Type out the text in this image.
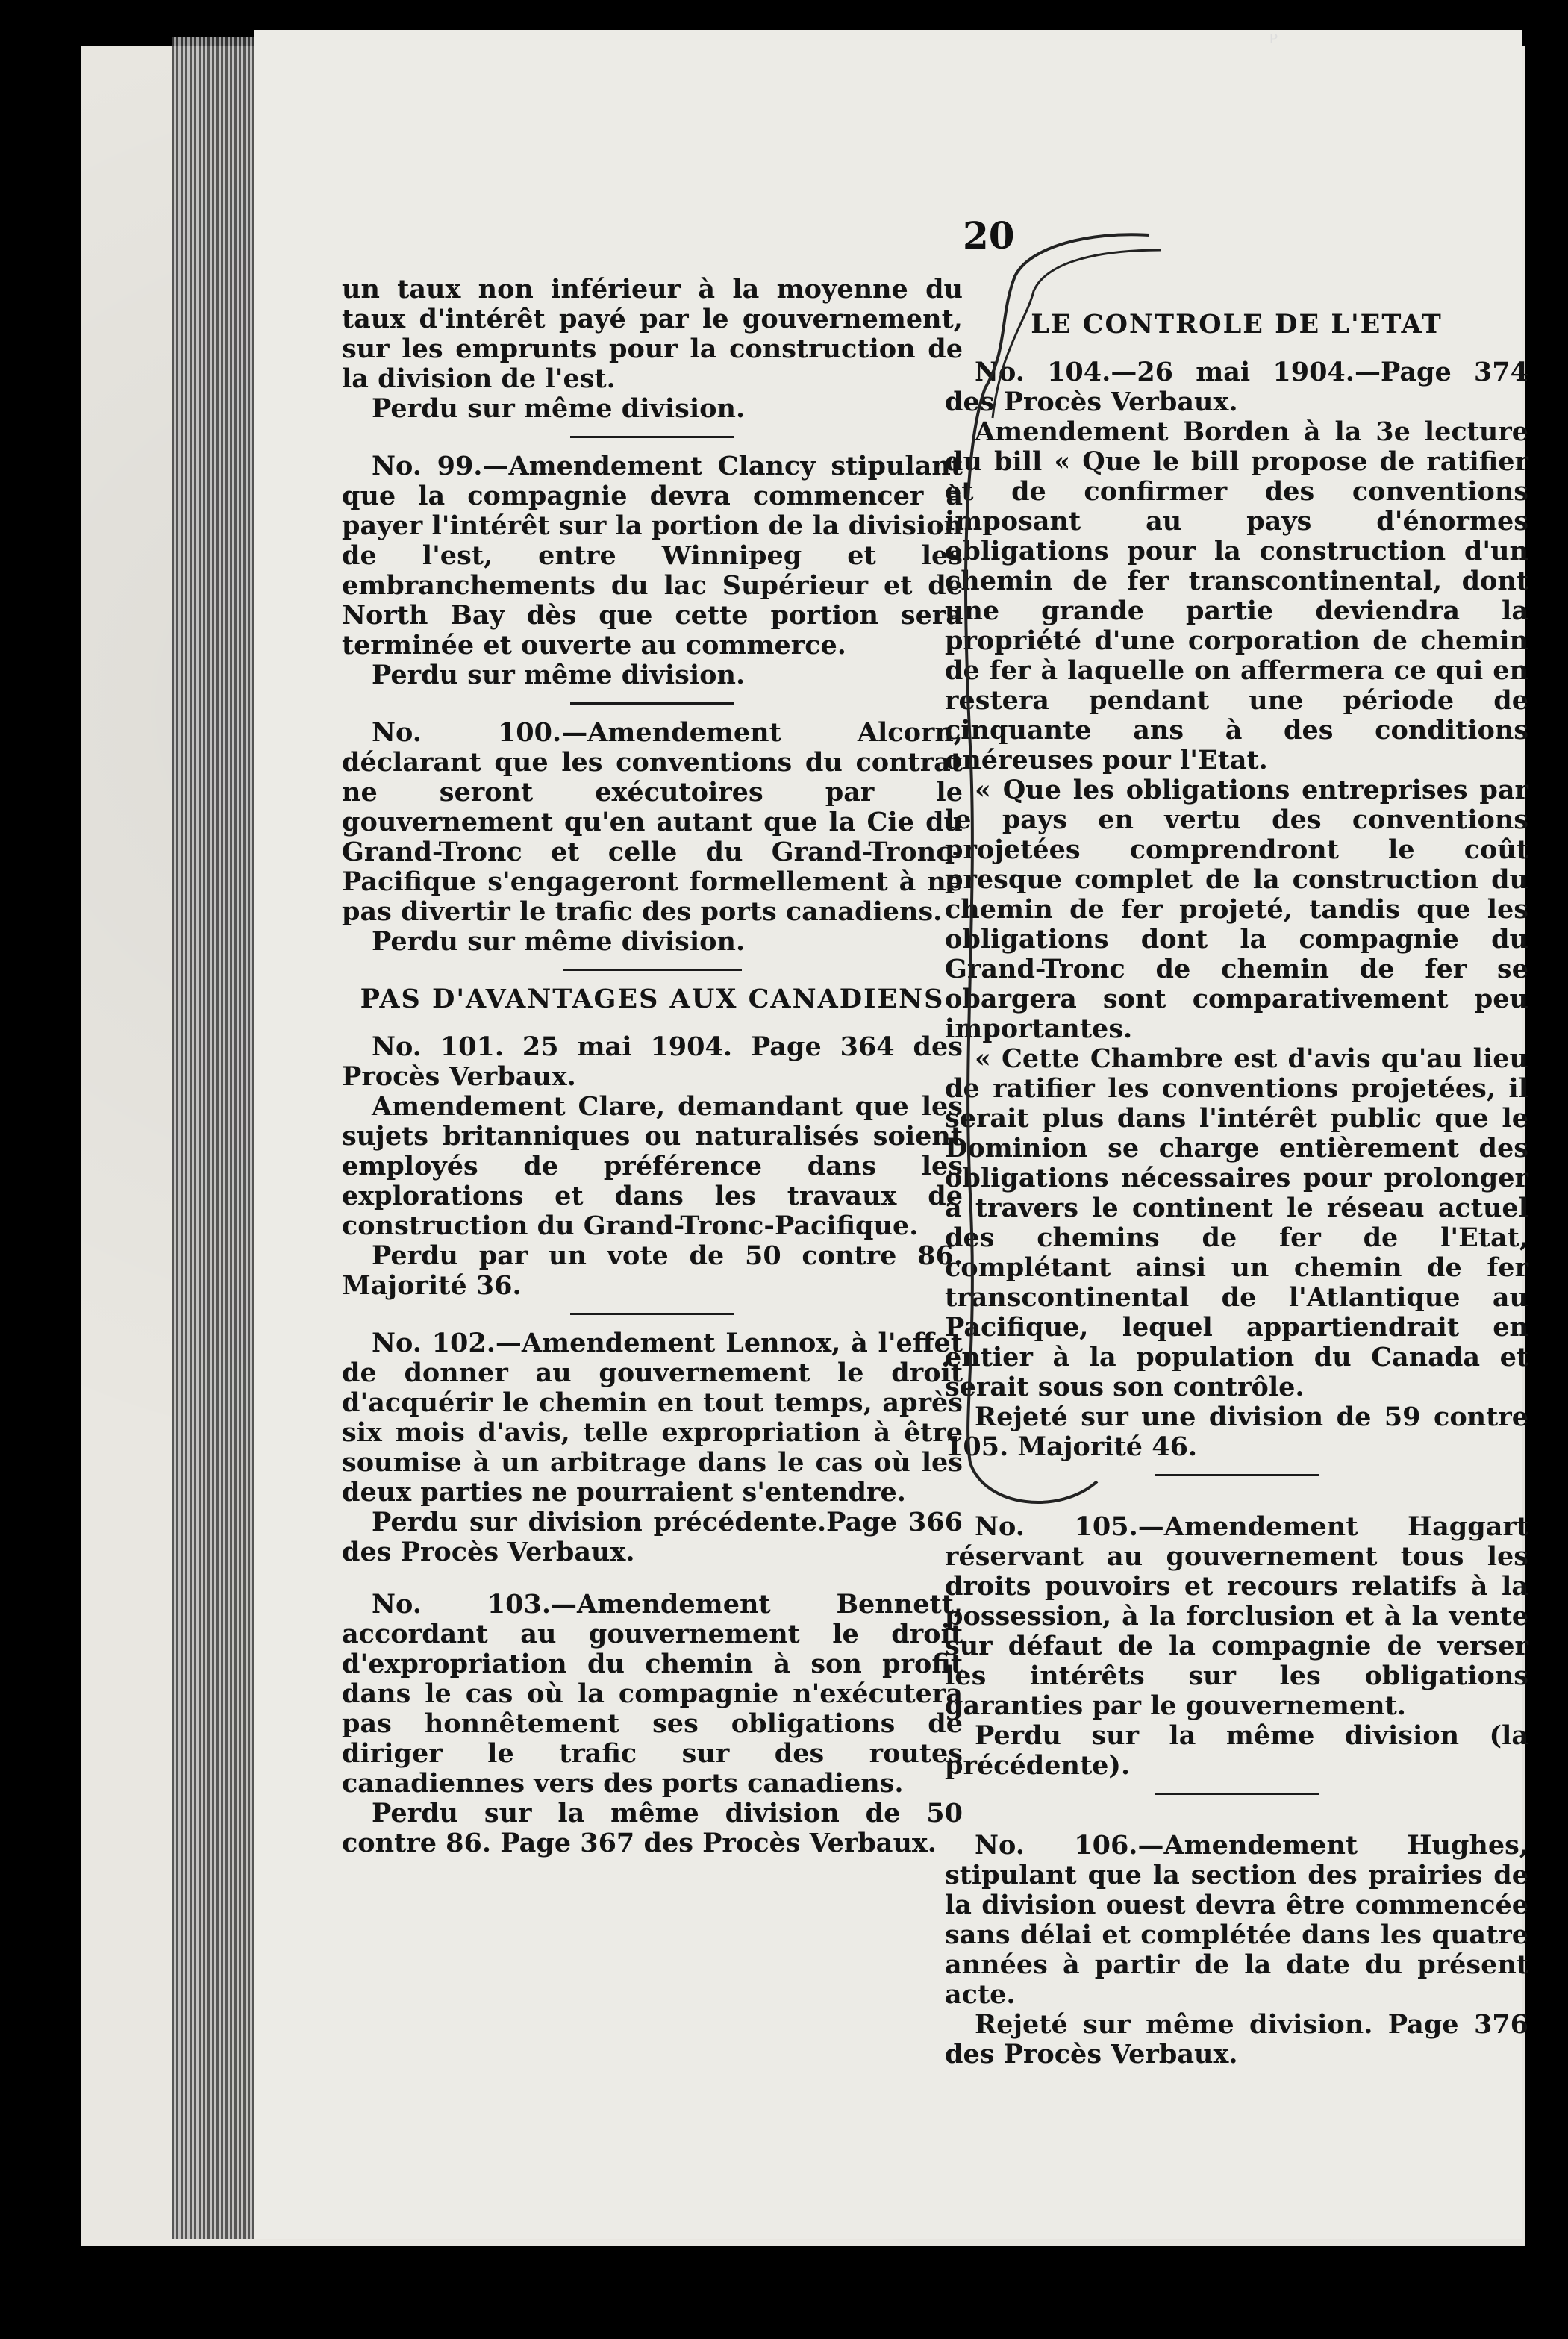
P
20

un taux non inférieur à la moyenne du taux d'intérêt payé par le gouvernement, sur les emprunts pour la construction de la division de l'est.

Perdu sur même division.

No. 99.—Amendement Clancy stipulant que la compagnie devra commencer à payer l'intérêt sur la portion de la division de l'est, entre Winnipeg et les embranchements du lac Supérieur et de North Bay dès que cette portion sera terminée et ouverte au commerce.

Perdu sur même division.

No. 100.—Amendement Alcorn, déclarant que les conventions du contrat ne seront exécutoires par le gouvernement qu'en autant que la Cie du Grand-Tronc et celle du Grand-Tronc-Pacifique s'engageront formellement à ne pas divertir le trafic des ports canadiens.

Perdu sur même division.

PAS D'AVANTAGES AUX CANADIENS

No. 101. 25 mai 1904. Page 364 des Procès Verbaux.

Amendement Clare, demandant que les sujets britanniques ou naturalisés soient employés de préférence dans les explorations et dans les travaux de construction du Grand-Tronc-Pacifique.

Perdu par un vote de 50 contre 86. Majorité 36.

No. 102.—Amendement Lennox, à l'effet de donner au gouvernement le droit d'acquérir le chemin en tout temps, après six mois d'avis, telle expropriation à être soumise à un arbitrage dans le cas où les deux parties ne pourraient s'entendre.

Perdu sur division précédente.Page 366 des Procès Verbaux.

No. 103.—Amendement Bennett, accordant au gouvernement le droit d'expropriation du chemin à son profit dans le cas où la compagnie n'exécutera pas honnêtement ses obligations de diriger le trafic sur des routes canadiennes vers des ports canadiens.

Perdu sur la même division de 50 contre 86. Page 367 des Procès Verbaux.

LE CONTROLE DE L'ETAT

No. 104.—26 mai 1904.—Page 374 des Procès Verbaux.

Amendement Borden à la 3e lecture du bill « Que le bill propose de ratifier et de confirmer des conventions imposant au pays d'énormes obligations pour la construction d'un chemin de fer transcontinental, dont une grande partie deviendra la propriété d'une corporation de chemin de fer à laquelle on affermera ce qui en restera pendant une période de cinquante ans à des conditions onéreuses pour l'Etat.

« Que les obligations entreprises par le pays en vertu des conventions projetées comprendront le coût presque complet de la construction du chemin de fer projeté, tandis que les obligations dont la compagnie du Grand-Tronc de chemin de fer se obargera sont comparativement peu importantes.

« Cette Chambre est d'avis qu'au lieu de ratifier les conventions projetées, il serait plus dans l'intérêt public que le Dominion se charge entièrement des obligations nécessaires pour prolonger à travers le continent le réseau actuel des chemins de fer de l'Etat, complétant ainsi un chemin de fer transcontinental de l'Atlantique au Pacifique, lequel appartiendrait en entier à la population du Canada et serait sous son contrôle.

Rejeté sur une division de 59 contre 105. Majorité 46.

No. 105.—Amendement Haggart réservant au gouvernement tous les droits pouvoirs et recours relatifs à la possession, à la forclusion et à la vente sur défaut de la compagnie de verser les intérêts sur les obligations garanties par le gouvernement.

Perdu sur la même division (la précédente).

No. 106.—Amendement Hughes, stipulant que la section des prairies de la division ouest devra être commencée sans délai et complétée dans les quatre années à partir de la date du présent acte.

Rejeté sur même division. Page 376 des Procès Verbaux.
